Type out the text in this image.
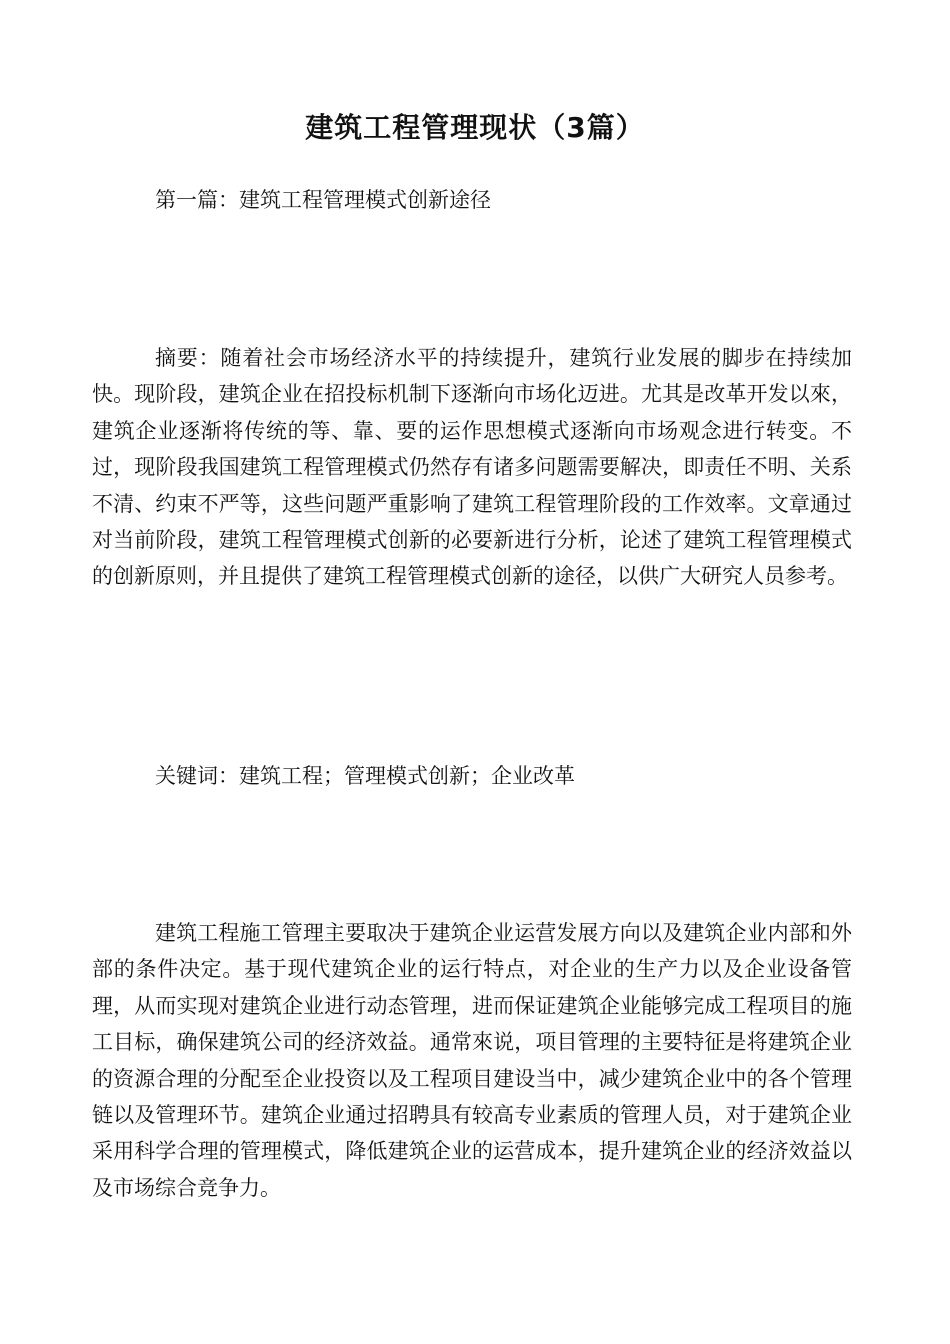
建筑工程管理现状（3篇）

第一篇：建筑工程管理模式创新途径

摘要：随着社会市场经济水平的持续提升，建筑行业发展的脚步在持续加快。现阶段，建筑企业在招投标机制下逐渐向市场化迈进。尤其是改革开发以來，建筑企业逐渐将传统的等、靠、要的运作思想模式逐渐向市场观念进行转变。不过，现阶段我国建筑工程管理模式仍然存有诸多问题需要解决，即责任不明、关系不清、约束不严等，这些问题严重影响了建筑工程管理阶段的工作效率。文章通过对当前阶段，建筑工程管理模式创新的必要新进行分析，论述了建筑工程管理模式的创新原则，并且提供了建筑工程管理模式创新的途径，以供广大研究人员参考。

关键词：建筑工程；管理模式创新；企业改革

建筑工程施工管理主要取决于建筑企业运营发展方向以及建筑企业内部和外部的条件决定。基于现代建筑企业的运行特点，对企业的生产力以及企业设备管理，从而实现对建筑企业进行动态管理，进而保证建筑企业能够完成工程项目的施工目标，确保建筑公司的经济效益。通常來说，项目管理的主要特征是将建筑企业的资源合理的分配至企业投资以及工程项目建设当中，减少建筑企业中的各个管理链以及管理环节。建筑企业通过招聘具有较高专业素质的管理人员，对于建筑企业采用科学合理的管理模式，降低建筑企业的运营成本，提升建筑企业的经济效益以及市场综合竞争力。
